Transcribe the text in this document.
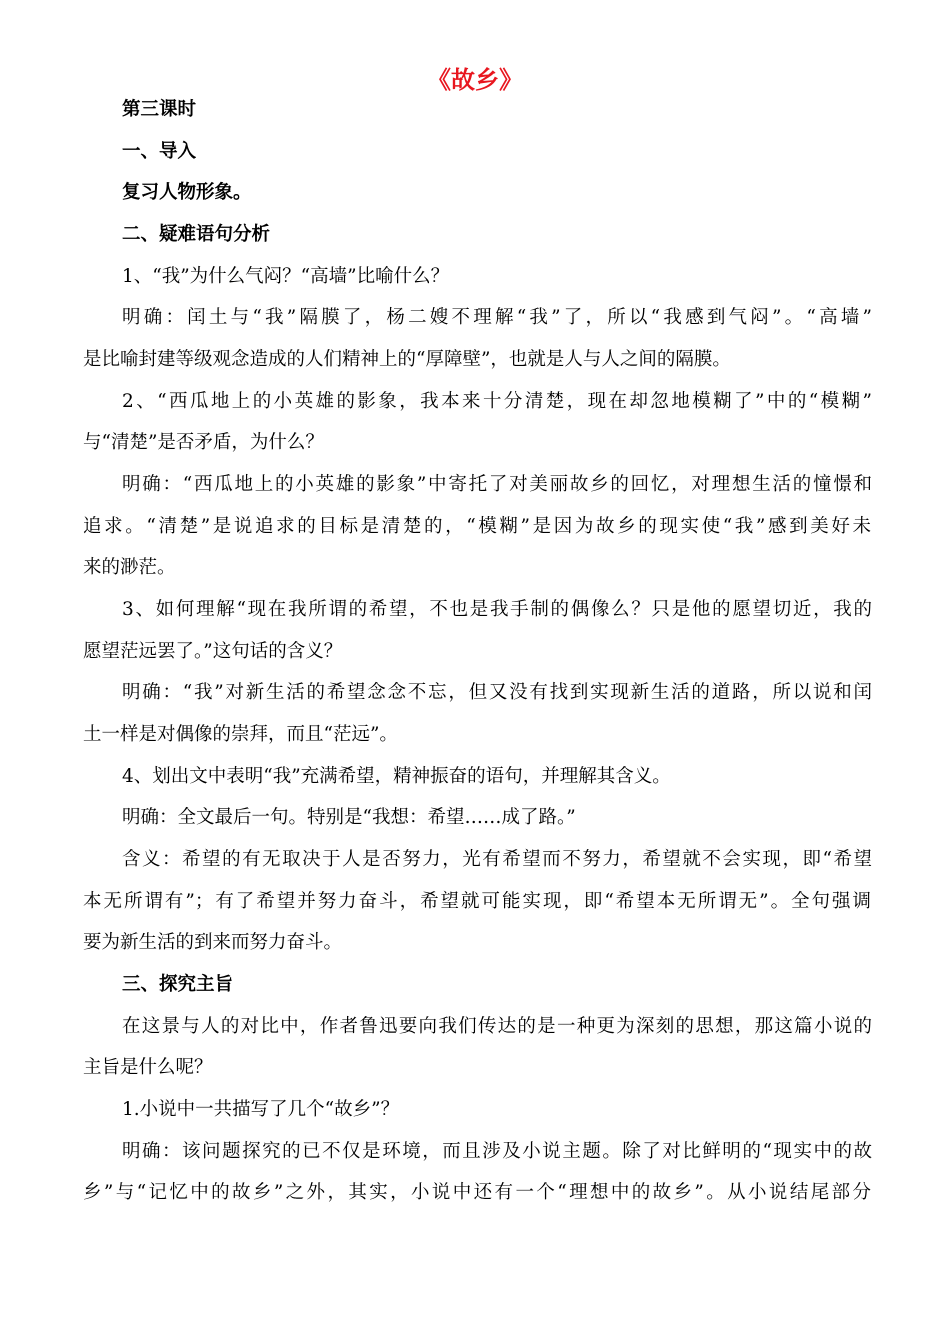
《故乡》
第三课时
一、导入
复习人物形象。
二、疑难语句分析
1、“我”为什么气闷？“高墙”比喻什么？
明确：闰土与“我”隔膜了，杨二嫂不理解“我”了，所以“我感到气闷”。“高墙”
是比喻封建等级观念造成的人们精神上的“厚障壁”，也就是人与人之间的隔膜。
2、“西瓜地上的小英雄的影象，我本来十分清楚，现在却忽地模糊了”中的“模糊”
与“清楚”是否矛盾，为什么？
明确：“西瓜地上的小英雄的影象”中寄托了对美丽故乡的回忆，对理想生活的憧憬和
追求。“清楚”是说追求的目标是清楚的，“模糊”是因为故乡的现实使“我”感到美好未
来的渺茫。
3、如何理解“现在我所谓的希望，不也是我手制的偶像么？只是他的愿望切近，我的
愿望茫远罢了。”这句话的含义？
明确：“我”对新生活的希望念念不忘，但又没有找到实现新生活的道路，所以说和闰
土一样是对偶像的崇拜，而且“茫远”。
4、划出文中表明“我”充满希望，精神振奋的语句，并理解其含义。
明确：全文最后一句。特别是“我想：希望……成了路。”
含义：希望的有无取决于人是否努力，光有希望而不努力，希望就不会实现，即“希望
本无所谓有”；有了希望并努力奋斗，希望就可能实现，即“希望本无所谓无”。全句强调
要为新生活的到来而努力奋斗。
三、探究主旨
在这景与人的对比中，作者鲁迅要向我们传达的是一种更为深刻的思想，那这篇小说的
主旨是什么呢？
1.小说中一共描写了几个“故乡”？
明确：该问题探究的已不仅是环境，而且涉及小说主题。除了对比鲜明的“现实中的故
乡”与“记忆中的故乡”之外，其实，小说中还有一个“理想中的故乡”。从小说结尾部分
